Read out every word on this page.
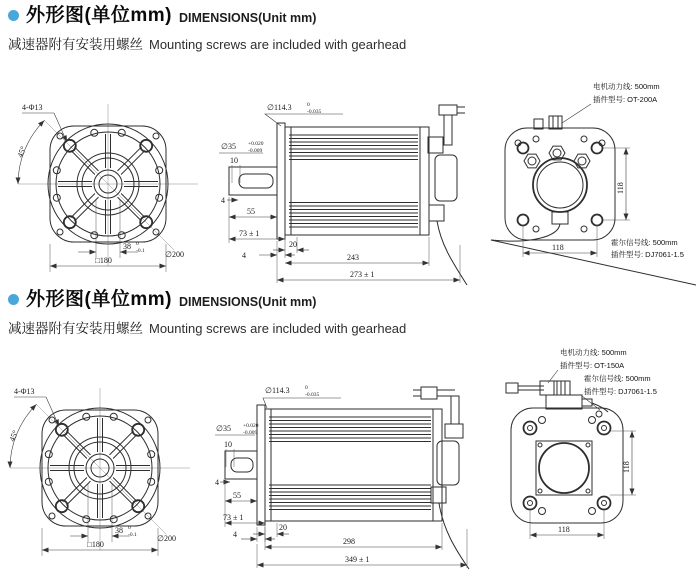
外形图(单位mm) DIMENSIONS(Unit mm)
减速器附有安装用螺丝 Mounting screws are included with gearhead
4-Φ13
45°
∅200
38 0
-0.1
□180
∅114.3	0
-0.035
∅35 +0.020
-0.009
10
4
55
73 ± 1
4
20
243
273 ± 1
118
118
电机动力线: 500mm
插件型号: OT-200A
霍尔信号线: 500mm
插件型号: DJ7061-1.5
外形图(单位mm) DIMENSIONS(Unit mm)
减速器附有安装用螺丝 Mounting screws are included with gearhead
4-Φ13
45°
∅200
38 0
-0.1
□180
∅114.3	0
-0.035
∅35 +0.020
-0.009
10
4
55
73 ± 1
4
20
298
349 ± 1
118
118
电机动力线: 500mm
插件型号: OT-150A
霍尔信号线: 500mm
插件型号: DJ7061-1.5
